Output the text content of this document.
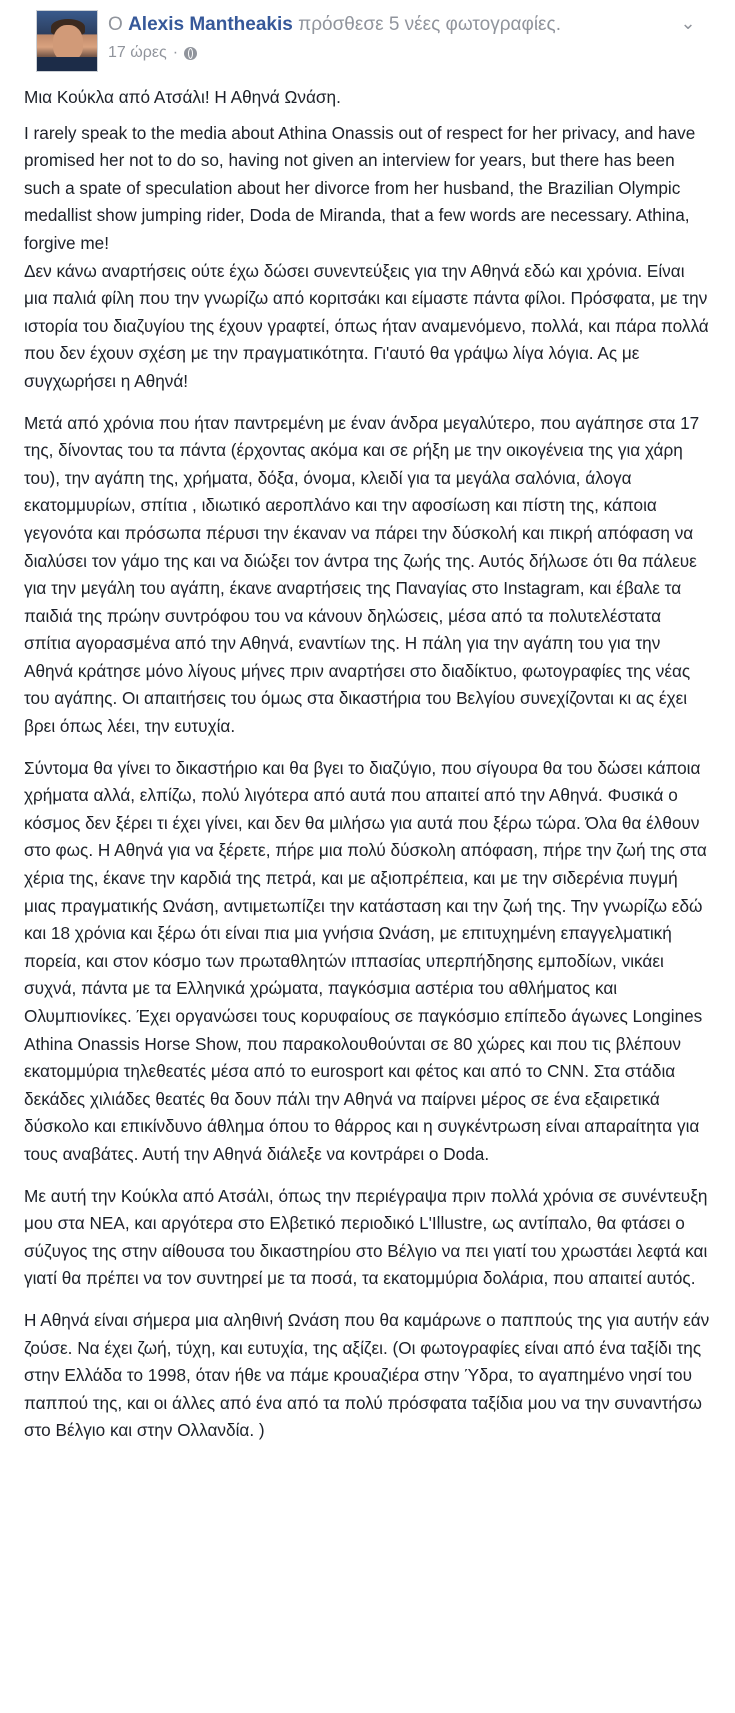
O Alexis Mantheakis πρόσθεσε 5 νέες φωτογραφίες.
17 ώρες ·
⌄

Μια Κούκλα από Ατσάλι! Η Αθηνά Ωνάση.

I rarely speak to the media about Athina Onassis out of respect for her privacy, and have promised her not to do so, having not given an interview for years, but there has been such a spate of speculation about her divorce from her husband, the Brazilian Olympic medallist show jumping rider, Doda de Miranda, that a few words are necessary. Athina, forgive me!
Δεν κάνω αναρτήσεις ούτε έχω δώσει συνεντεύξεις για την Αθηνά εδώ και χρόνια. Είναι μια παλιά φίλη που την γνωρίζω από κοριτσάκι και είμαστε πάντα φίλοι. Πρόσφατα, με την ιστορία του διαζυγίου της έχουν γραφτεί, όπως ήταν αναμενόμενο, πολλά, και πάρα πολλά που δεν έχουν σχέση με την πραγματικότητα. Γι'αυτό θα γράψω λίγα λόγια. Ας με συγχωρήσει η Αθηνά!

Μετά από χρόνια που ήταν παντρεμένη με έναν άνδρα μεγαλύτερο, που αγάπησε στα 17 της, δίνοντας του τα πάντα (έρχοντας ακόμα και σε ρήξη με την οικογένεια της για χάρη του), την αγάπη της, χρήματα, δόξα, όνομα, κλειδί για τα μεγάλα σαλόνια, άλογα εκατομμυρίων, σπίτια , ιδιωτικό αεροπλάνο και την αφοσίωση και πίστη της, κάποια γεγονότα και πρόσωπα πέρυσι την έκαναν να πάρει την δύσκολή και πικρή απόφαση να διαλύσει τον γάμο της και να διώξει τον άντρα της ζωής της. Αυτός δήλωσε ότι θα πάλευε για την μεγάλη του αγάπη, έκανε αναρτήσεις της Παναγίας στο Instagram, και έβαλε τα παιδιά της πρώην συντρόφου του να κάνουν δηλώσεις, μέσα από τα πολυτελέστατα σπίτια αγορασμένα από την Αθηνά, εναντίων της. Η πάλη για την αγάπη του για την Αθηνά κράτησε μόνο λίγους μήνες πριν αναρτήσει στο διαδίκτυο, φωτογραφίες της νέας του αγάπης. Οι απαιτήσεις του όμως στα δικαστήρια του Βελγίου συνεχίζονται κι ας έχει βρει όπως λέει, την ευτυχία.

Σύντομα θα γίνει το δικαστήριο και θα βγει το διαζύγιο, που σίγουρα θα του δώσει κάποια χρήματα αλλά, ελπίζω, πολύ λιγότερα από αυτά που απαιτεί από την Αθηνά. Φυσικά ο κόσμος δεν ξέρει τι έχει γίνει, και δεν θα μιλήσω για αυτά που ξέρω τώρα. Όλα θα έλθουν στο φως. Η Αθηνά για να ξέρετε, πήρε μια πολύ δύσκολη απόφαση, πήρε την ζωή της στα χέρια της, έκανε την καρδιά της πετρά, και με αξιοπρέπεια, και με την σιδερένια πυγμή μιας πραγματικής Ωνάση, αντιμετωπίζει την κατάσταση και την ζωή της. Την γνωρίζω εδώ και 18 χρόνια και ξέρω ότι είναι πια μια γνήσια Ωνάση, με επιτυχημένη επαγγελματική πορεία, και στον κόσμο των πρωταθλητών ιππασίας υπερπήδησης εμποδίων, νικάει συχνά, πάντα με τα Ελληνικά χρώματα, παγκόσμια αστέρια του αθλήματος και Ολυμπιονίκες. Έχει οργανώσει τους κορυφαίους σε παγκόσμιο επίπεδο άγωνες Longines Athina Onassis Horse Show, που παρακολουθούνται σε 80 χώρες και που τις βλέπουν εκατομμύρια τηλεθεατές μέσα από το eurosport και φέτος και από το CNN. Στα στάδια δεκάδες χιλιάδες θεατές θα δουν πάλι την Αθηνά να παίρνει μέρος σε ένα εξαιρετικά δύσκολο και επικίνδυνο άθλημα όπου το θάρρος και η συγκέντρωση είναι απαραίτητα για τους αναβάτες. Αυτή την Αθηνά διάλεξε να κοντράρει ο Doda.

Με αυτή την Κούκλα από Ατσάλι, όπως την περιέγραψα πριν πολλά χρόνια σε συνέντευξη μου στα ΝΕΑ, και αργότερα στο Ελβετικό περιοδικό L'Illustre, ως αντίπαλο, θα φτάσει ο σύζυγος της στην αίθουσα του δικαστηρίου στο Βέλγιο να πει γιατί του χρωστάει λεφτά και γιατί θα πρέπει να τον συντηρεί με τα ποσά, τα εκατομμύρια δολάρια, που απαιτεί αυτός.

Η Αθηνά είναι σήμερα μια αληθινή Ωνάση που θα καμάρωνε ο παππούς της για αυτήν εάν ζούσε. Να έχει ζωή, τύχη, και ευτυχία, της αξίζει. (Οι φωτογραφίες είναι από ένα ταξίδι της στην Ελλάδα το 1998, όταν ήθε να πάμε κρουαζιέρα στην Ύδρα, το αγαπημένο νησί του παππού της, και οι άλλες από ένα από τα πολύ πρόσφατα ταξίδια μου να την συναντήσω στο Βέλγιο και στην Ολλανδία. )
